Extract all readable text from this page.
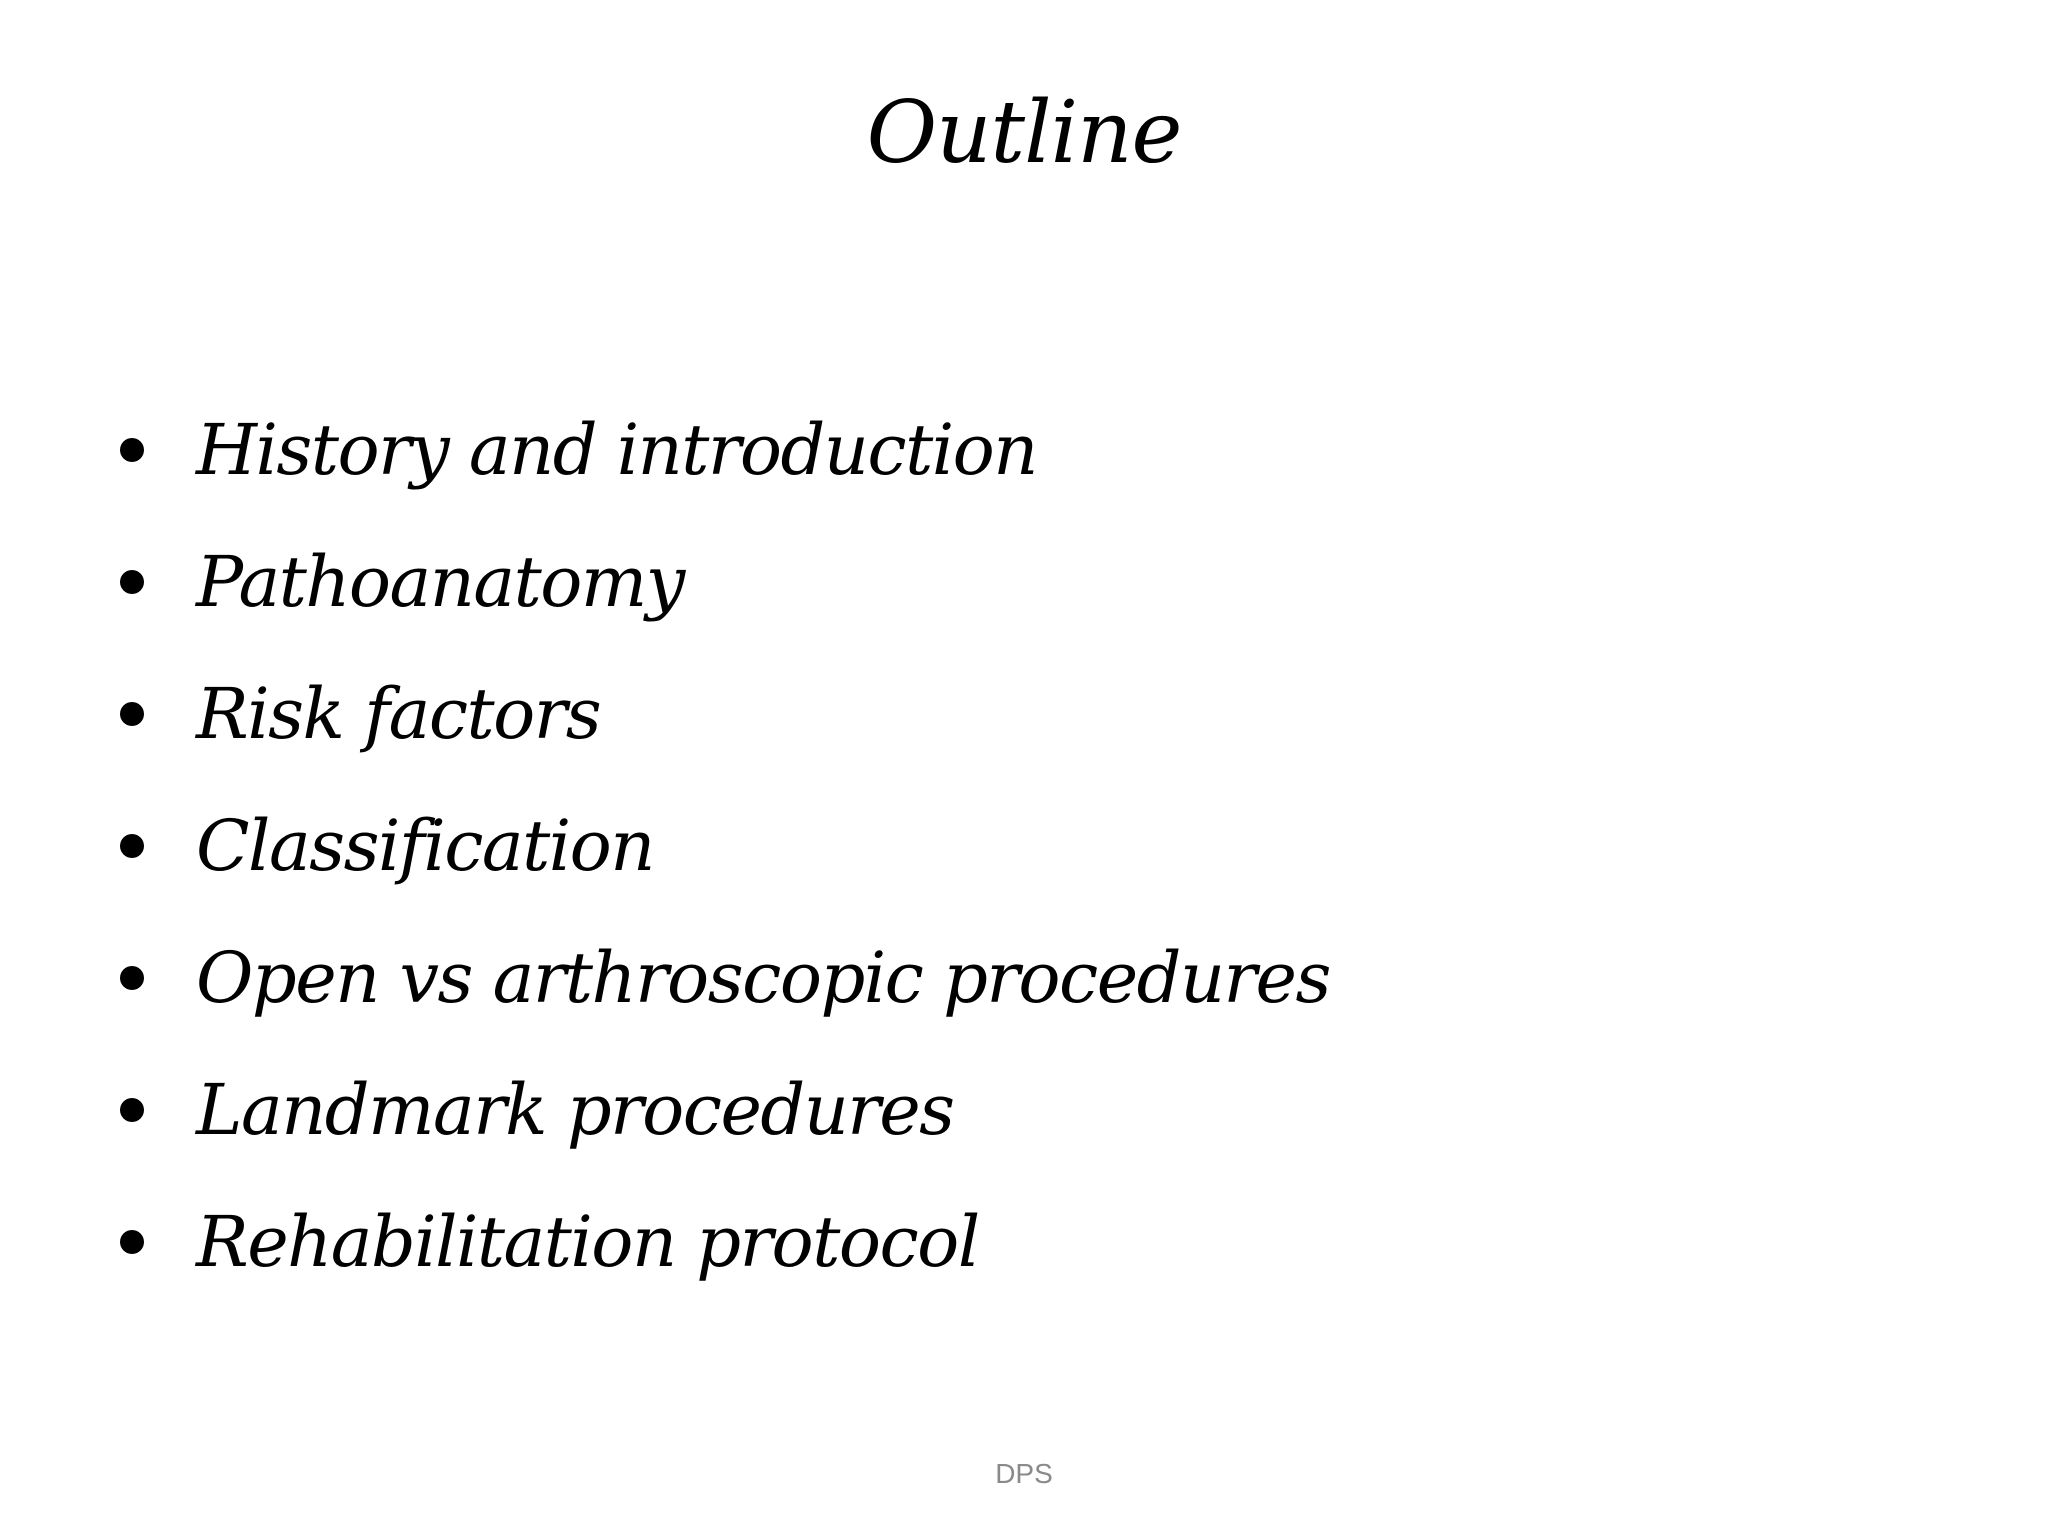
Outline
History and introduction
Pathoanatomy
Risk factors
Classification
Open vs arthroscopic procedures
Landmark procedures
Rehabilitation protocol
DPS
